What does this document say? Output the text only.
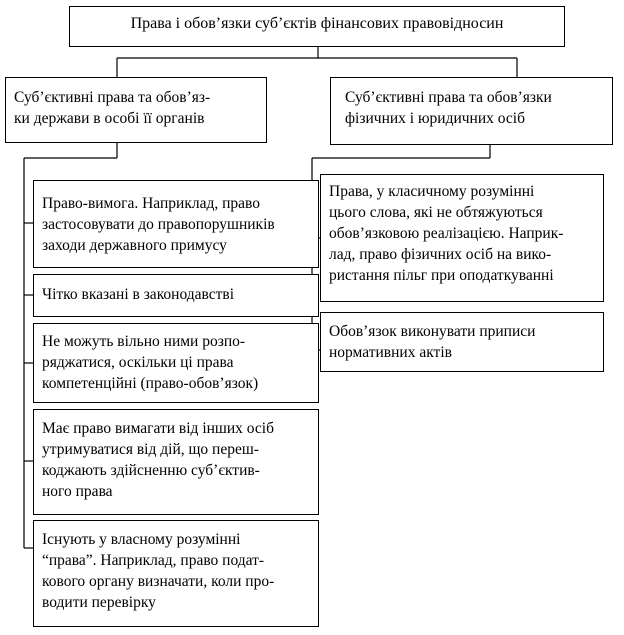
Права і обов’язки суб’єктів фінансових правовідносин
Суб’єктивні права та обов’яз-
ки держави в особі її органів
Суб’єктивні права та обов’язки
фізичних і юридичних осіб
Право-вимога. Наприклад, право
застосовувати до правопорушників
заходи державного примусу
Чітко вказані в законодавстві
Не можуть вільно ними розпо-
ряджатися, оскільки ці права
компетенційні (право-обов’язок)
Має право вимагати від інших осіб
утримуватися від дій, що переш-
коджають здійсненню суб’єктив-
ного права
Існують у власному розумінні
“права”. Наприклад, право подат-
кового органу визначати, коли про-
водити перевірку
Права, у класичному розумінні
цього слова, які не обтяжуються
обов’язковою реалізацією. Наприк-
лад, право фізичних осіб на вико-
ристання пільг при оподаткуванні
Обов’язок виконувати приписи
нормативних актів
